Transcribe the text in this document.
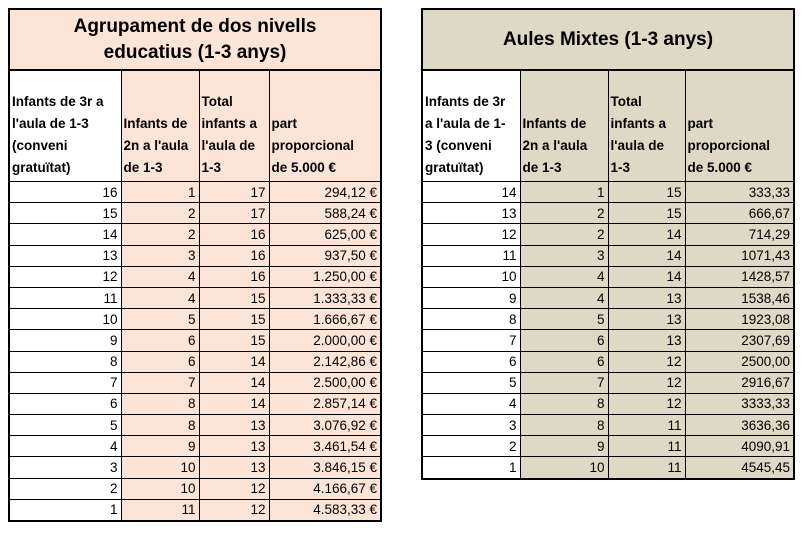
Agrupament de dos nivells
educatius (1-3 anys)			

Infants de 3r a
l'aula de 1-3
(conveni
gratuïtat)	Infants de
2n a l'aula
de 1-3	Total
infants a
l'aula de
1-3	part
proporcional
de 5.000 €

16	1	17	294,12 €
15	2	17	588,24 €
14	2	16	625,00 €
13	3	16	937,50 €
12	4	16	1.250,00 €
11	4	15	1.333,33 €
10	5	15	1.666,67 €
9	6	15	2.000,00 €
8	6	14	2.142,86 €
7	7	14	2.500,00 €
6	8	14	2.857,14 €
5	8	13	3.076,92 €
4	9	13	3.461,54 €
3	10	13	3.846,15 €
2	10	12	4.166,67 €
1	11	12	4.583,33 €
Aules Mixtes (1-3 anys)			

Infants de 3r
a l'aula de 1-
3 (conveni
gratuïtat)	Infants de
2n a l'aula
de 1-3	Total
infants a
l'aula de
1-3	part
proporcional
de 5.000 €

14	1	15	333,33
13	2	15	666,67
12	2	14	714,29
11	3	14	1071,43
10	4	14	1428,57
9	4	13	1538,46
8	5	13	1923,08
7	6	13	2307,69
6	6	12	2500,00
5	7	12	2916,67
4	8	12	3333,33
3	8	11	3636,36
2	9	11	4090,91
1	10	11	4545,45
